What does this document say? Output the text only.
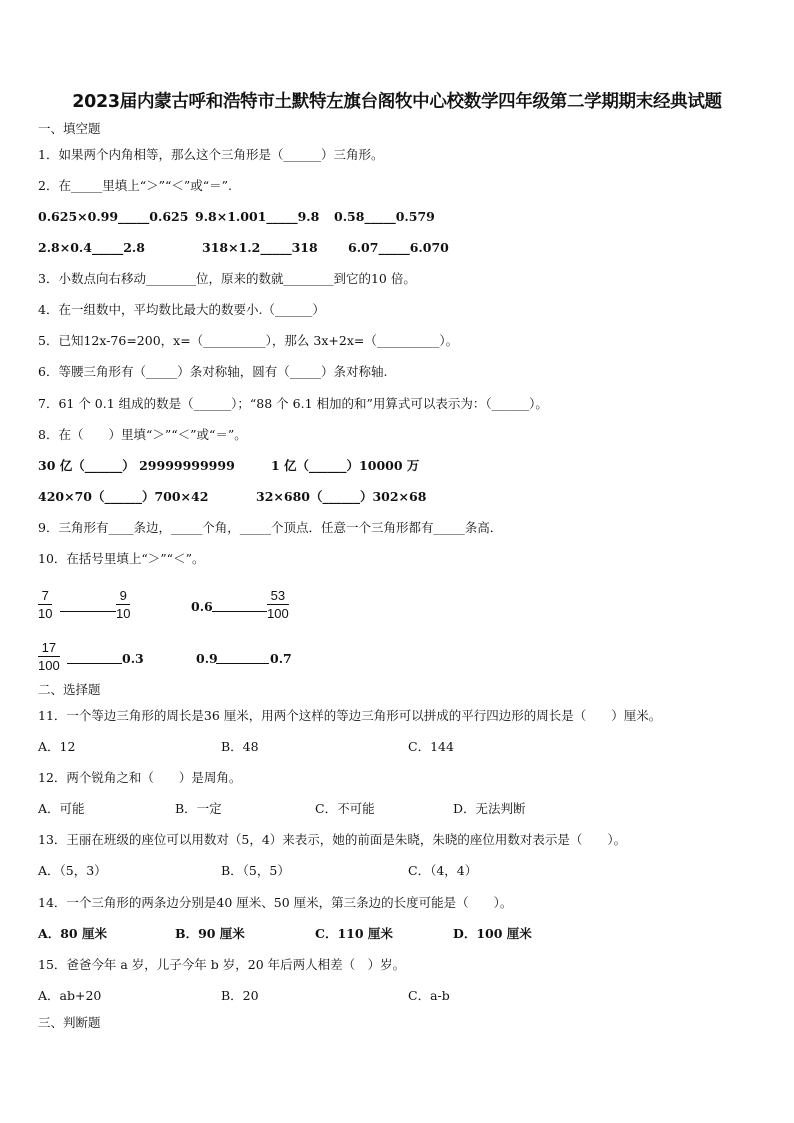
2023届内蒙古呼和浩特市土默特左旗台阁牧中心校数学四年级第二学期期末经典试题
一、填空题
1．如果两个内角相等，那么这个三角形是（______）三角形。
2．在_____里填上“＞”“＜”或“＝”.
0.625×0.99_____0.625 9.8×1.001_____9.8 0.58_____0.579
2.8×0.4_____2.8	318×1.2_____318 6.07_____6.070
3．小数点向右移动________位，原来的数就________到它的10 倍。
4．在一组数中，平均数比最大的数要小.（______）
5．已知12x-76=200，x=（__________），那么 3x+2x=（__________）。
6．等腰三角形有（_____）条对称轴，圆有（_____）条对称轴.
7．61 个 0.1 组成的数是（______）；“88 个 6.1 相加的和”用算式可以表示为：（______）。
8．在（　　）里填“＞”“＜”或“＝”。
30 亿（______） 29999999999	1 亿（______）10000 万
420×70（______）700×42	32×680（______）302×68
9．三角形有____条边，_____个角，_____个顶点．任意一个三角形都有_____条高．
10．在括号里填上“＞”“＜”。
7
10
9
10	0.6
53
100
17
100	0.3	0.9	0.7
二、选择题
11．一个等边三角形的周长是36 厘米，用两个这样的等边三角形可以拼成的平行四边形的周长是（　　）厘米。
A．12	B．48	C．144
12．两个锐角之和（　　）是周角。
A．可能	B．一定	C．不可能	D．无法判断
13．王丽在班级的座位可以用数对（5，4）来表示，她的前面是朱晓，朱晓的座位用数对表示是（　　）。
A．（5，3）	B．（5，5）	C．（4，4）
14．一个三角形的两条边分别是40 厘米、50 厘米，第三条边的长度可能是（　　）。
A．80 厘米	B．90 厘米	C．110 厘米	D．100 厘米
15．爸爸今年 a 岁，儿子今年 b 岁，20 年后两人相差（　）岁。
A．ab+20	B．20	C．a-b
三、判断题
